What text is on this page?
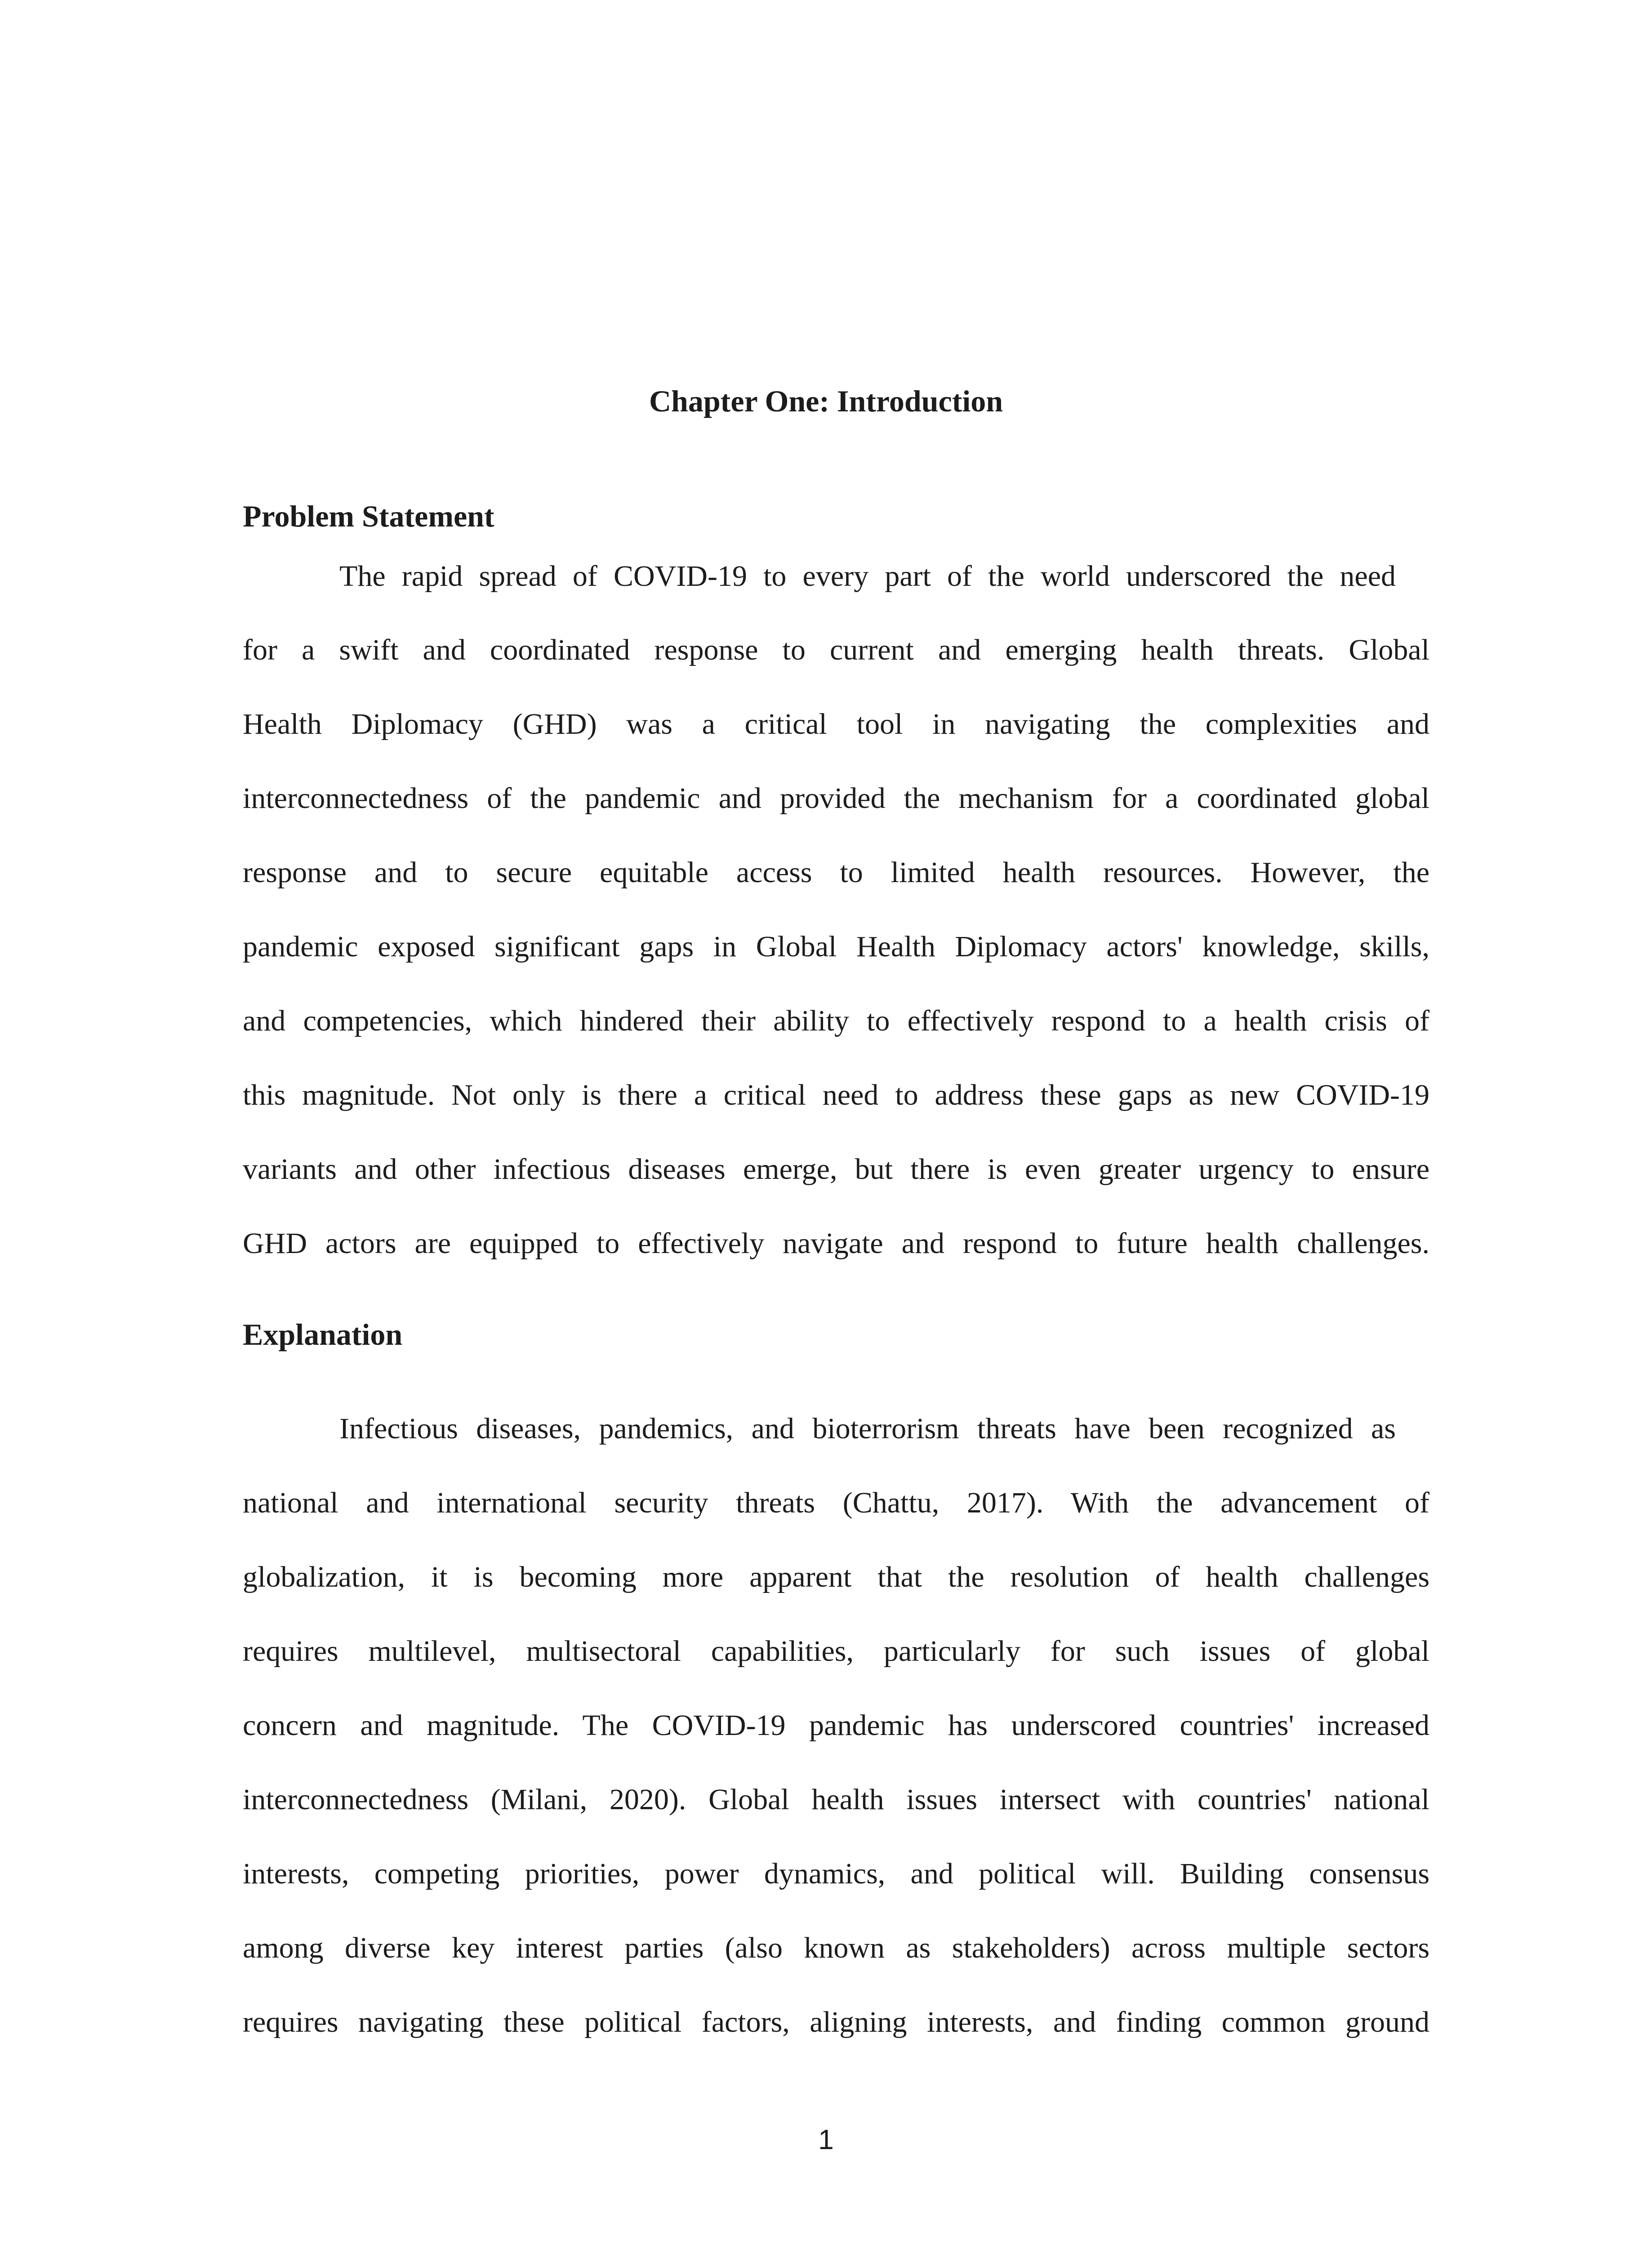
Chapter One: Introduction
Problem Statement
The rapid spread of COVID-19 to every part of the world underscored the need
for a swift and coordinated response to current and emerging health threats. Global
Health Diplomacy (GHD) was a critical tool in navigating the complexities and
interconnectedness of the pandemic and provided the mechanism for a coordinated global
response and to secure equitable access to limited health resources. However, the
pandemic exposed significant gaps in Global Health Diplomacy actors' knowledge, skills,
and competencies, which hindered their ability to effectively respond to a health crisis of
this magnitude. Not only is there a critical need to address these gaps as new COVID-19
variants and other infectious diseases emerge, but there is even greater urgency to ensure
GHD actors are equipped to effectively navigate and respond to future health challenges.
Explanation
Infectious diseases, pandemics, and bioterrorism threats have been recognized as
national and international security threats (Chattu, 2017). With the advancement of
globalization, it is becoming more apparent that the resolution of health challenges
requires multilevel, multisectoral capabilities, particularly for such issues of global
concern and magnitude. The COVID-19 pandemic has underscored countries' increased
interconnectedness (Milani, 2020). Global health issues intersect with countries' national
interests, competing priorities, power dynamics, and political will. Building consensus
among diverse key interest parties (also known as stakeholders) across multiple sectors
requires navigating these political factors, aligning interests, and finding common ground
1
